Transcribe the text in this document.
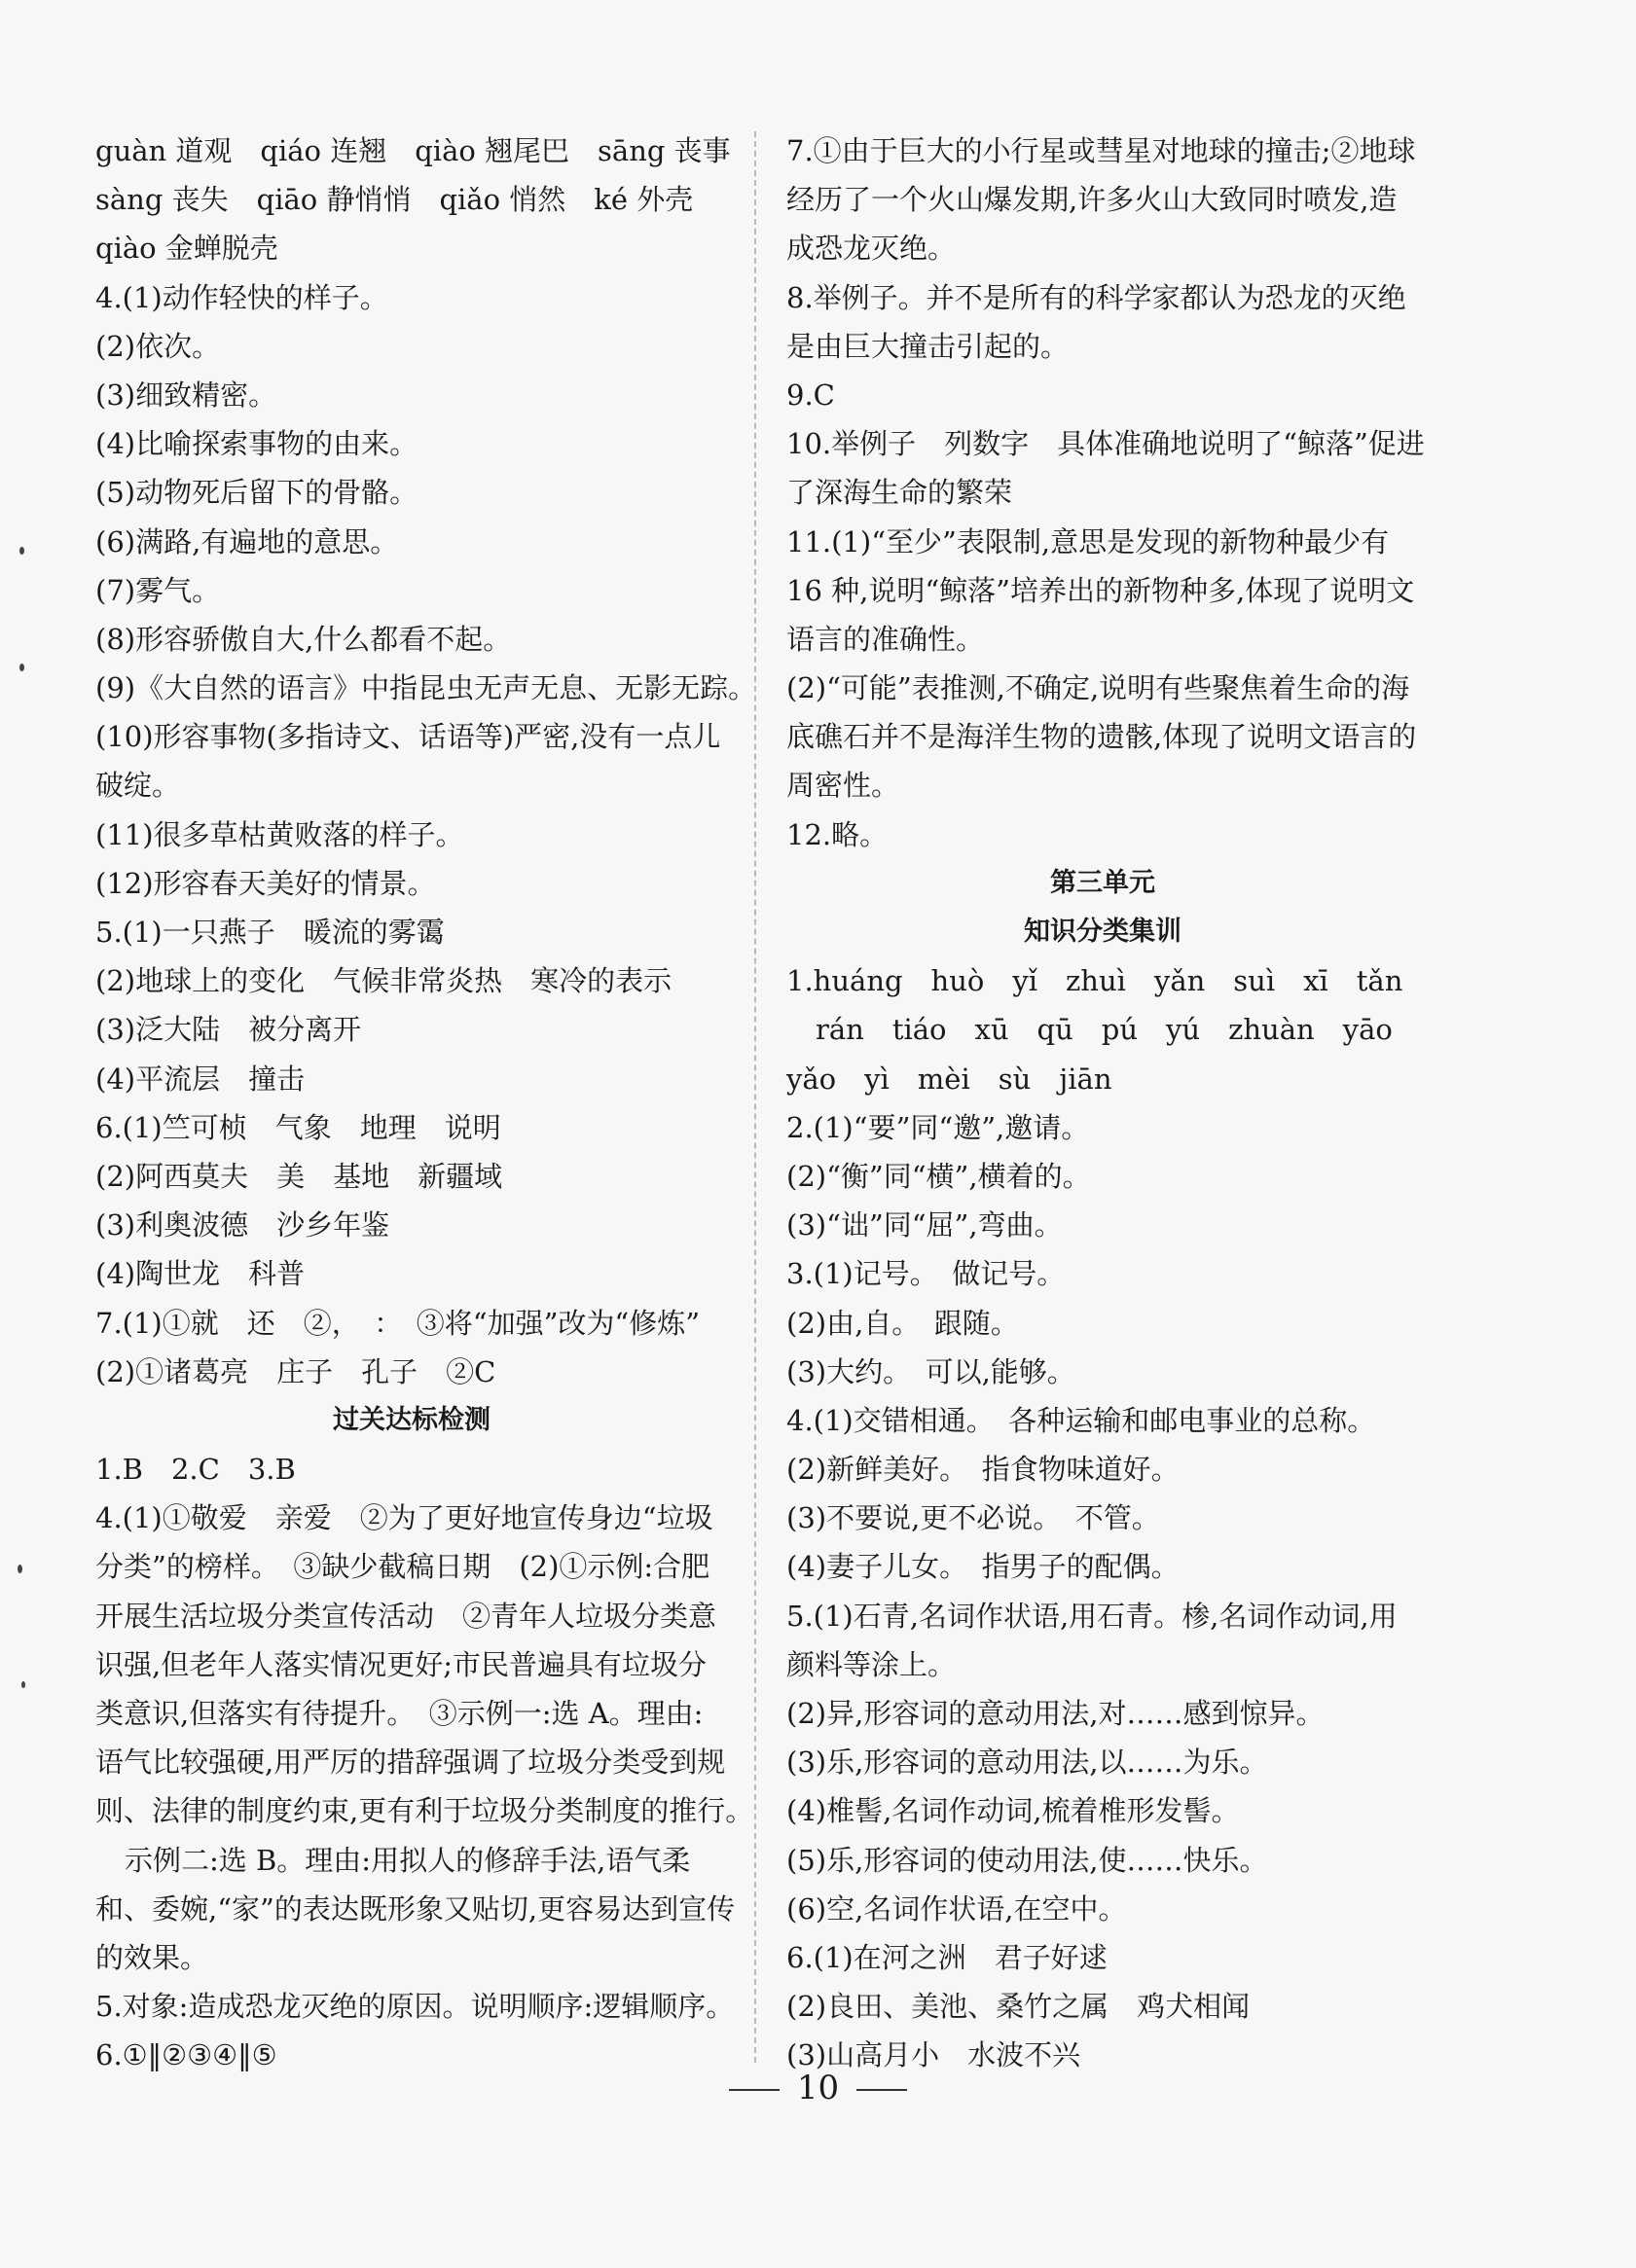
guàn 道观　qiáo 连翘　qiào 翘尾巴　sāng 丧事
sàng 丧失　qiāo 静悄悄　qiǎo 悄然　ké 外壳
qiào 金蝉脱壳
4.(1)动作轻快的样子。
(2)依次。
(3)细致精密。
(4)比喻探索事物的由来。
(5)动物死后留下的骨骼。
(6)满路,有遍地的意思。
(7)雾气。
(8)形容骄傲自大,什么都看不起。
(9)《大自然的语言》中指昆虫无声无息、无影无踪。
(10)形容事物(多指诗文、话语等)严密,没有一点儿
破绽。
(11)很多草枯黄败落的样子。
(12)形容春天美好的情景。
5.(1)一只燕子　暖流的雾霭
(2)地球上的变化　气候非常炎热　寒冷的表示
(3)泛大陆　被分离开
(4)平流层　撞击
6.(1)竺可桢　气象　地理　说明
(2)阿西莫夫　美　基地　新疆域
(3)利奥波德　沙乡年鉴
(4)陶世龙　科普
7.(1)①就　还　②，　：　③将“加强”改为“修炼”
(2)①诸葛亮　庄子　孔子　②C
过关达标检测
1.B　2.C　3.B
4.(1)①敬爱　亲爱　②为了更好地宣传身边“垃圾
分类”的榜样。　③缺少截稿日期　(2)①示例:合肥
开展生活垃圾分类宣传活动　②青年人垃圾分类意
识强,但老年人落实情况更好;市民普遍具有垃圾分
类意识,但落实有待提升。　③示例一:选 A。理由:
语气比较强硬,用严厉的措辞强调了垃圾分类受到规
则、法律的制度约束,更有利于垃圾分类制度的推行。
示例二:选 B。理由:用拟人的修辞手法,语气柔
和、委婉,“家”的表达既形象又贴切,更容易达到宣传
的效果。
5.对象:造成恐龙灭绝的原因。说明顺序:逻辑顺序。
6.①‖②③④‖⑤
7.①由于巨大的小行星或彗星对地球的撞击;②地球
经历了一个火山爆发期,许多火山大致同时喷发,造
成恐龙灭绝。
8.举例子。并不是所有的科学家都认为恐龙的灭绝
是由巨大撞击引起的。
9.C
10.举例子　列数字　具体准确地说明了“鲸落”促进
了深海生命的繁荣
11.(1)“至少”表限制,意思是发现的新物种最少有
16 种,说明“鲸落”培养出的新物种多,体现了说明文
语言的准确性。
(2)“可能”表推测,不确定,说明有些聚焦着生命的海
底礁石并不是海洋生物的遗骸,体现了说明文语言的
周密性。
12.略。
第三单元
知识分类集训
1.huáng　huò　yǐ　zhuì　yǎn　suì　xī　tǎn
rán　tiáo　xū　qū　pú　yú　zhuàn　yāo
yǎo　yì　mèi　sù　jiān
2.(1)“要”同“邀”,邀请。
(2)“衡”同“横”,横着的。
(3)“诎”同“屈”,弯曲。
3.(1)记号。　做记号。
(2)由,自。　跟随。
(3)大约。　可以,能够。
4.(1)交错相通。　各种运输和邮电事业的总称。
(2)新鲜美好。　指食物味道好。
(3)不要说,更不必说。　不管。
(4)妻子儿女。　指男子的配偶。
5.(1)石青,名词作状语,用石青。椮,名词作动词,用
颜料等涂上。
(2)异,形容词的意动用法,对……感到惊异。
(3)乐,形容词的意动用法,以……为乐。
(4)椎髻,名词作动词,梳着椎形发髻。
(5)乐,形容词的使动用法,使……快乐。
(6)空,名词作状语,在空中。
6.(1)在河之洲　君子好逑
(2)良田、美池、桑竹之属　鸡犬相闻
(3)山高月小　水波不兴
10
